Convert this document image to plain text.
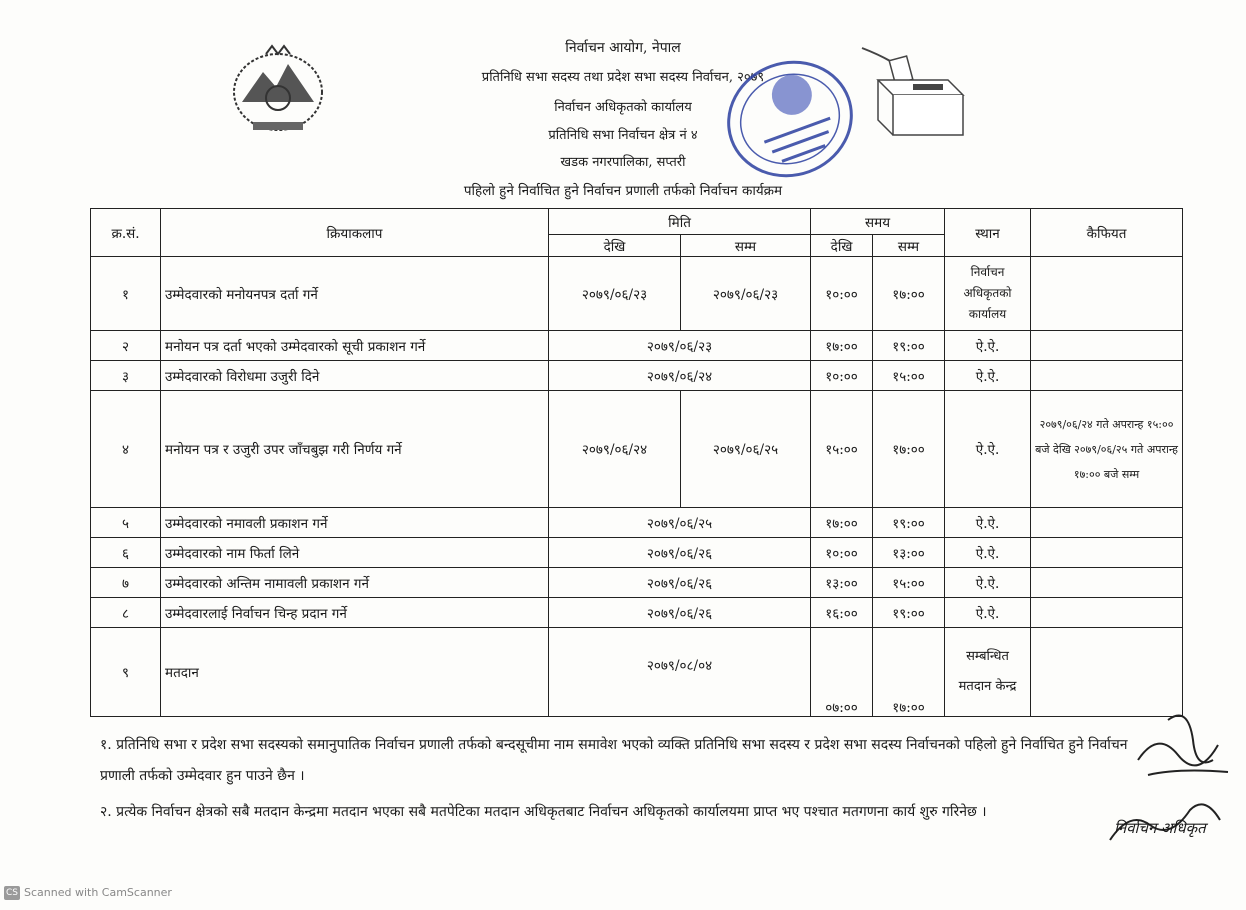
निर्वाचन आयोग, नेपाल
प्रतिनिधि सभा सदस्य तथा प्रदेश सभा सदस्य निर्वाचन, २०७९
निर्वाचन अधिकृतको कार्यालय
प्रतिनिधि सभा निर्वाचन क्षेत्र नं ४
खडक नगरपालिका, सप्तरी
पहिलो हुने निर्वाचित हुने निर्वाचन प्रणाली तर्फको निर्वाचन कार्यक्रम
क्र.सं.	क्रियाकलाप	मिति		समय		स्थान	कैफियत
		देखि	सम्म	देखि	सम्म		
१	उम्मेदवारको मनोयनपत्र दर्ता गर्ने	२०७९/०६/२३	२०७९/०६/२३	१०:००	१७:००	निर्वाचन अधिकृतको कार्यालय	
२	मनोयन पत्र दर्ता भएको उम्मेदवारको सूची प्रकाशन गर्ने	२०७९/०६/२३		१७:००	१९:००	ऐ.ऐ.	
३	उम्मेदवारको विरोधमा उजुरी दिने	२०७९/०६/२४		१०:००	१५:००	ऐ.ऐ.	
४	मनोयन पत्र र उजुरी उपर जाँचबुझ गरी निर्णय गर्ने	२०७९/०६/२४	२०७९/०६/२५	१५:००	१७:००	ऐ.ऐ.	२०७९/०६/२४ गते अपरान्ह १५:०० बजे देखि २०७९/०६/२५ गते अपरान्ह १७:०० बजे सम्म
५	उम्मेदवारको नमावली प्रकाशन गर्ने	२०७९/०६/२५		१७:००	१९:००	ऐ.ऐ.	
६	उम्मेदवारको नाम फिर्ता लिने	२०७९/०६/२६		१०:००	१३:००	ऐ.ऐ.	
७	उम्मेदवारको अन्तिम नामावली प्रकाशन गर्ने	२०७९/०६/२६		१३:००	१५:००	ऐ.ऐ.	
८	उम्मेदवारलाई निर्वाचन चिन्ह प्रदान गर्ने	२०७९/०६/२६		१६:००	१९:००	ऐ.ऐ.	
९	मतदान	२०७९/०८/०४		०७:००	१७:००	सम्बन्धित मतदान केन्द्र	
१. प्रतिनिधि सभा र प्रदेश सभा सदस्यको समानुपातिक निर्वाचन प्रणाली तर्फको बन्दसूचीमा नाम समावेश भएको व्यक्ति प्रतिनिधि सभा सदस्य र प्रदेश सभा सदस्य निर्वाचनको पहिलो हुने निर्वाचित हुने निर्वाचन प्रणाली तर्फको उम्मेदवार हुन पाउने छैन ।
२. प्रत्येक निर्वाचन क्षेत्रको सबै मतदान केन्द्रमा मतदान भएका सबै मतपेटिका मतदान अधिकृतबाट निर्वाचन अधिकृतको कार्यालयमा प्राप्त भए पश्चात मतगणना कार्य शुरु गरिनेछ ।
निर्वाचन अधिकृत
CS Scanned with CamScanner
